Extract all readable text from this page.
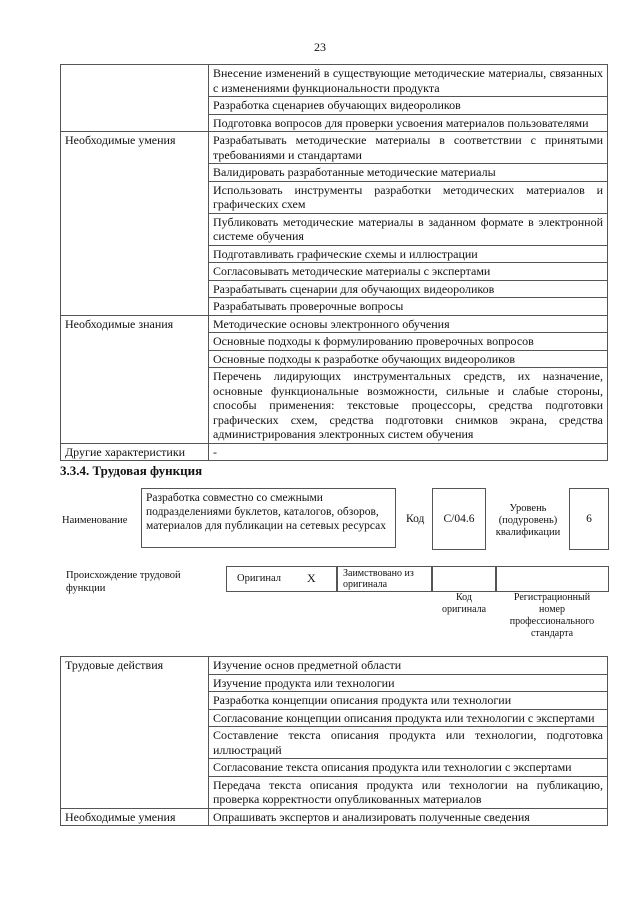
23
	Внесение изменений в существующие методические материалы, связанных с изменениями функциональности продукта
	Разработка сценариев обучающих видеороликов
	Подготовка вопросов для проверки усвоения материалов пользователями

Необходимые умения	Разрабатывать методические материалы в соответствии с принятыми требованиями и стандартами
	Валидировать разработанные методические материалы
	Использовать инструменты разработки методических материалов и графических схем
	Публиковать методические материалы в заданном формате в электронной системе обучения
	Подготавливать графические схемы и иллюстрации
	Согласовывать методические материалы с экспертами
	Разрабатывать сценарии для обучающих видеороликов
	Разрабатывать проверочные вопросы

Необходимые знания	Методические основы электронного обучения
	Основные подходы к формулированию проверочных вопросов
	Основные подходы к разработке обучающих видеороликов
	Перечень лидирующих инструментальных средств, их назначение, основные функциональные возможности, сильные и слабые стороны, способы применения: текстовые процессоры, средства подготовки графических схем, средства подготовки снимков экрана, средства администрирования электронных систем обучения

Другие характеристики	-
3.3.4. Трудовая функция
Наименование
Разработка совместно со смежными подразделениями буклетов, каталогов, обзоров, материалов для публикации на сетевых ресурсах
Код C/04.6
Уровень (подуровень) квалификации
6
Происхождение трудовой функции
Оригинал X	Заимствовано из оригинала
Код оригинала
Регистрационный номер профессионального стандарта
Трудовые действия	Изучение основ предметной области
	Изучение продукта или технологии
	Разработка концепции описания продукта или технологии
	Согласование концепции описания продукта или технологии с экспертами
	Составление текста описания продукта или технологии, подготовка иллюстраций
	Согласование текста описания продукта или технологии с экспертами
	Передача текста описания продукта или технологии на публикацию, проверка корректности опубликованных материалов

Необходимые умения	Опрашивать экспертов и анализировать полученные сведения
